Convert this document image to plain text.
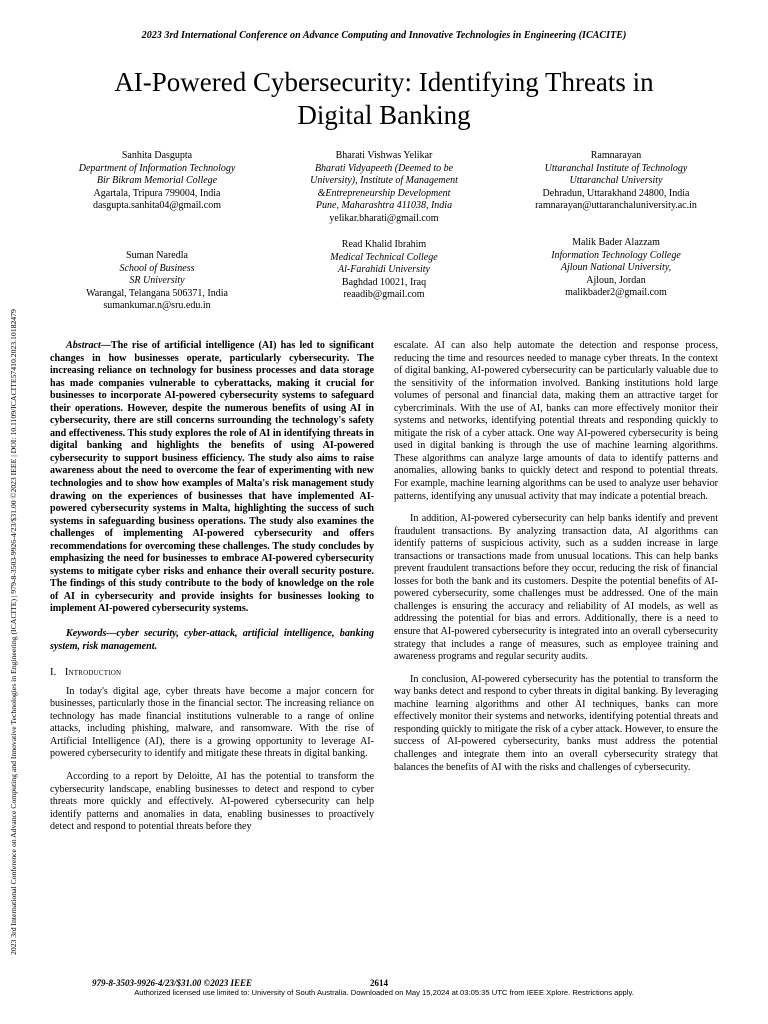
2023 3rd International Conference on Advance Computing and Innovative Technologies in Engineering (ICACITE)
2023 3rd International Conference on Advance Computing and Innovative Technologies in Engineering (ICACITE) | 979-8-3503-9926-4/23/$31.00 ©2023 IEEE | DOI: 10.1109/ICACITE57410.2023.10182479
AI-Powered Cybersecurity: Identifying Threats in
Digital Banking
Sanhita Dasgupta
Department of Information Technology
Bir Bikram Memorial College
Agartala, Tripura 799004, India
dasgupta.sanhita04@gmail.com
Bharati Vishwas Yelikar
Bharati Vidyapeeth (Deemed to be
University), Institute of Management
&Entrepreneurship Development
Pune, Maharashtra 411038, India
yelikar.bharati@gmail.com
Ramnarayan
Uttaranchal Institute of Technology
Uttaranchal University
Dehradun, Uttarakhand 24800, India
ramnarayan@uttaranchaluniversity.ac.in
Suman Naredla
School of Business
SR University
Warangal, Telangana 506371, India
sumankumar.n@sru.edu.in
Read Khalid Ibrahim
Medical Technical College
Al-Farahidi University
Baghdad 10021, Iraq
reaadib@gmail.com
Malik Bader Alazzam
Information Technology College
Ajloun National University,
Ajloun, Jordan
malikbader2@gmail.com

Abstract—The rise of artificial intelligence (AI) has led to significant changes in how businesses operate, particularly cybersecurity. The increasing reliance on technology for business processes and data storage has made companies vulnerable to cyberattacks, making it crucial for businesses to incorporate AI-powered cybersecurity systems to safeguard their operations. However, despite the numerous benefits of using AI in cybersecurity, there are still concerns surrounding the technology's safety and effectiveness. This study explores the role of AI in identifying threats in digital banking and highlights the benefits of using AI-powered cybersecurity to support business efficiency. The study also aims to raise awareness about the need to overcome the fear of experimenting with new technologies and to show how examples of Malta's risk management study drawing on the experiences of businesses that have implemented AI-powered cybersecurity systems in Malta, highlighting the success of such systems in safeguarding business operations. The study also examines the challenges of implementing AI-powered cybersecurity and offers recommendations for overcoming these challenges. The study concludes by emphasizing the need for businesses to embrace AI-powered cybersecurity systems to mitigate cyber risks and enhance their overall security posture. The findings of this study contribute to the body of knowledge on the role of AI in cybersecurity and provide insights for businesses looking to implement AI-powered cybersecurity systems.

Keywords—cyber security, cyber-attack, artificial intelligence, banking system, risk management.

I. Introduction

In today's digital age, cyber threats have become a major concern for businesses, particularly those in the financial sector. The increasing reliance on technology has made financial institutions vulnerable to a range of online attacks, including phishing, malware, and ransomware. With the rise of Artificial Intelligence (AI), there is a growing opportunity to leverage AI-powered cybersecurity to identify and mitigate these threats in digital banking.

According to a report by Deloitte, AI has the potential to transform the cybersecurity landscape, enabling businesses to detect and respond to cyber threats more quickly and effectively. AI-powered cybersecurity can help identify patterns and anomalies in data, enabling businesses to proactively detect and respond to potential threats before they

escalate. AI can also help automate the detection and response process, reducing the time and resources needed to manage cyber threats. In the context of digital banking, AI-powered cybersecurity can be particularly valuable due to the sensitivity of the information involved. Banking institutions hold large volumes of personal and financial data, making them an attractive target for cybercriminals. With the use of AI, banks can more effectively monitor their systems and networks, identifying potential threats and responding quickly to mitigate the risk of a cyber attack. One way AI-powered cybersecurity is being used in digital banking is through the use of machine learning algorithms. These algorithms can analyze large amounts of data to identify patterns and anomalies, allowing banks to quickly detect and respond to potential threats. For example, machine learning algorithms can be used to analyze user behavior patterns, identifying any unusual activity that may indicate a potential breach.

In addition, AI-powered cybersecurity can help banks identify and prevent fraudulent transactions. By analyzing transaction data, AI algorithms can identify patterns of suspicious activity, such as a sudden increase in large transactions or transactions made from unusual locations. This can help banks prevent fraudulent transactions before they occur, reducing the risk of financial losses for both the bank and its customers. Despite the potential benefits of AI-powered cybersecurity, some challenges must be addressed. One of the main challenges is ensuring the accuracy and reliability of AI models, as well as addressing the potential for bias and errors. Additionally, there is a need to ensure that AI-powered cybersecurity is integrated into an overall cybersecurity strategy that includes a range of measures, such as employee training and awareness programs and regular security audits.

In conclusion, AI-powered cybersecurity has the potential to transform the way banks detect and respond to cyber threats in digital banking. By leveraging machine learning algorithms and other AI techniques, banks can more effectively monitor their systems and networks, identifying potential threats and responding quickly to mitigate the risk of a cyber attack. However, to ensure the success of AI-powered cybersecurity, banks must address the potential challenges and integrate them into an overall cybersecurity strategy that balances the benefits of AI with the risks and challenges of cybersecurity.

979-8-3503-9926-4/23/$31.00 ©2023 IEEE	2614
Authorized licensed use limited to: University of South Australia. Downloaded on May 15,2024 at 03:05:35 UTC from IEEE Xplore. Restrictions apply.
